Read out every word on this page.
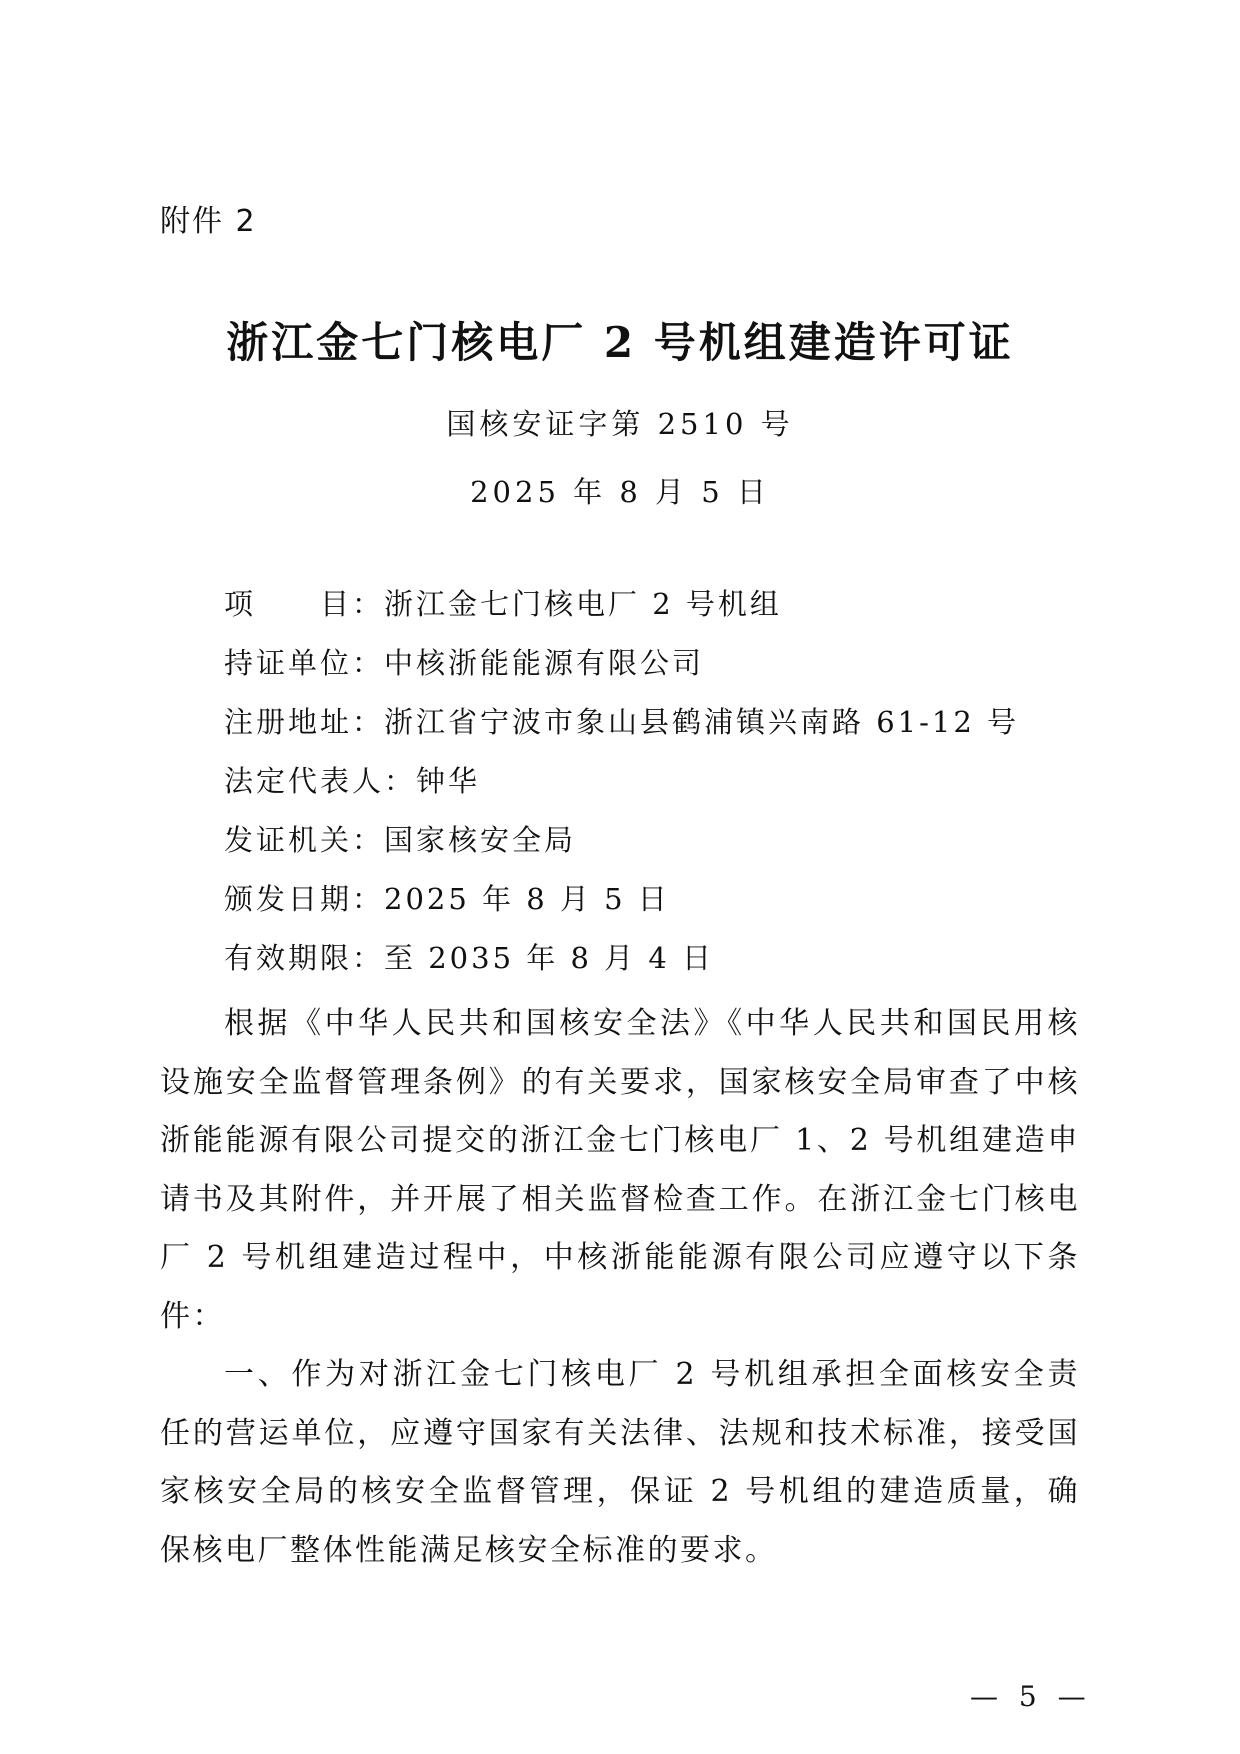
附件 2
浙江金七门核电厂 2 号机组建造许可证
国核安证字第 2510 号
2025 年 8 月 5 日
项　　目：浙江金七门核电厂 2 号机组
持证单位：中核浙能能源有限公司
注册地址：浙江省宁波市象山县鹤浦镇兴南路 61-12 号
法定代表人：钟华
发证机关：国家核安全局
颁发日期：2025 年 8 月 5 日
有效期限：至 2035 年 8 月 4 日

根据《中华人民共和国核安全法》《中华人民共和国民用核设施安全监督管理条例》的有关要求，国家核安全局审查了中核浙能能源有限公司提交的浙江金七门核电厂 1、2 号机组建造申请书及其附件，并开展了相关监督检查工作。在浙江金七门核电厂 2 号机组建造过程中，中核浙能能源有限公司应遵守以下条件：

一、作为对浙江金七门核电厂 2 号机组承担全面核安全责任的营运单位，应遵守国家有关法律、法规和技术标准，接受国家核安全局的核安全监督管理，保证 2 号机组的建造质量，确保核电厂整体性能满足核安全标准的要求。

— 5 —
